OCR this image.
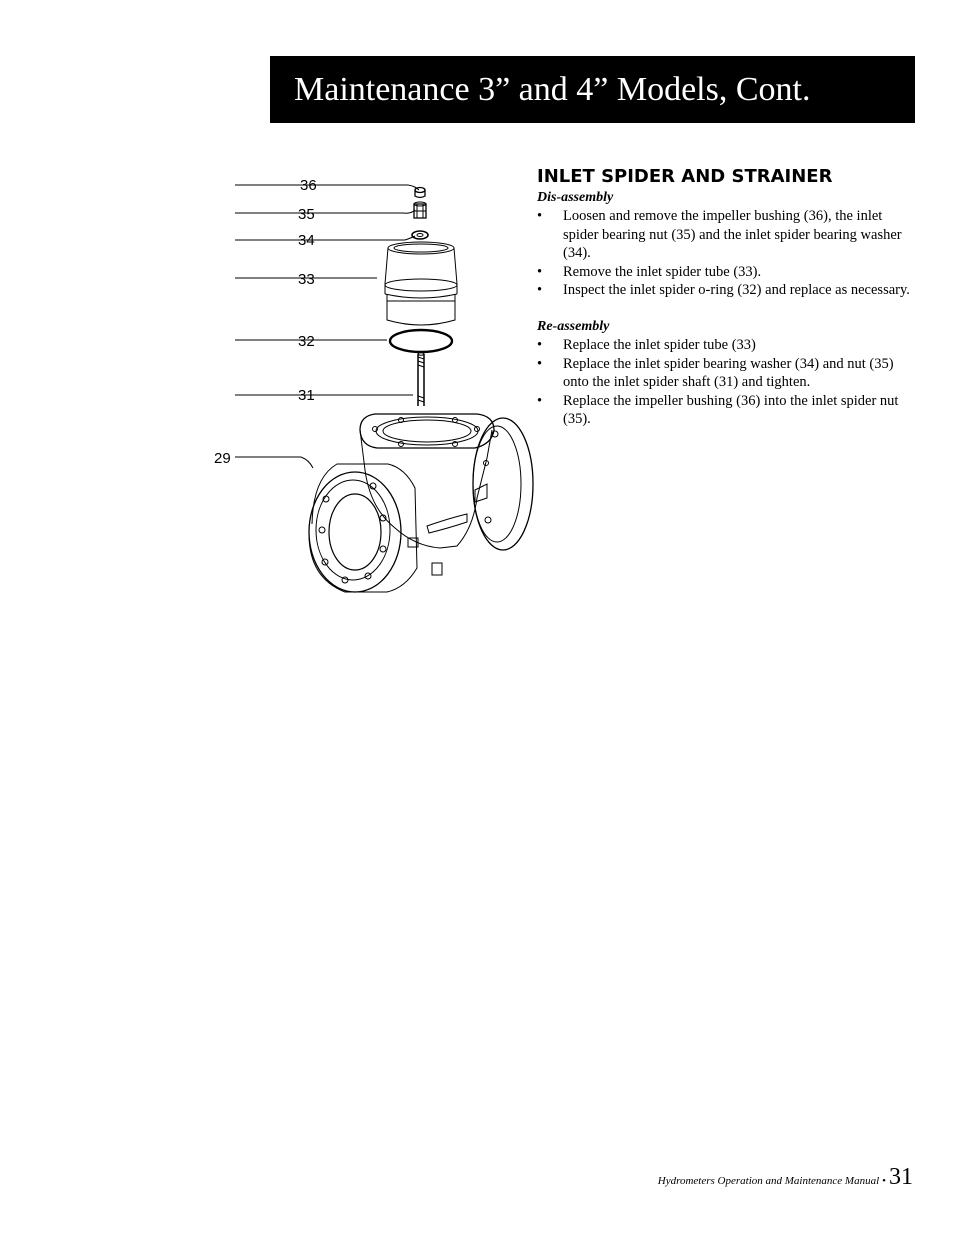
Maintenance 3” and 4” Models, Cont.
36
35
34
33
32
31
29
INLET SPIDER AND STRAINER

Dis-assembly

• Loosen and remove the impeller bushing (36), the inlet spider bearing nut (35) and the inlet spider bearing washer (34).
• Remove the inlet spider tube (33).
• Inspect the inlet spider o-ring (32) and replace as necessary.

Re-assembly

• Replace the inlet spider tube (33)
• Replace the inlet spider bearing washer (34) and nut (35) onto the inlet spider shaft (31) and tighten.
• Replace the impeller bushing (36) into the inlet spider nut (35).
Hydrometers Operation and Maintenance Manual • 31
